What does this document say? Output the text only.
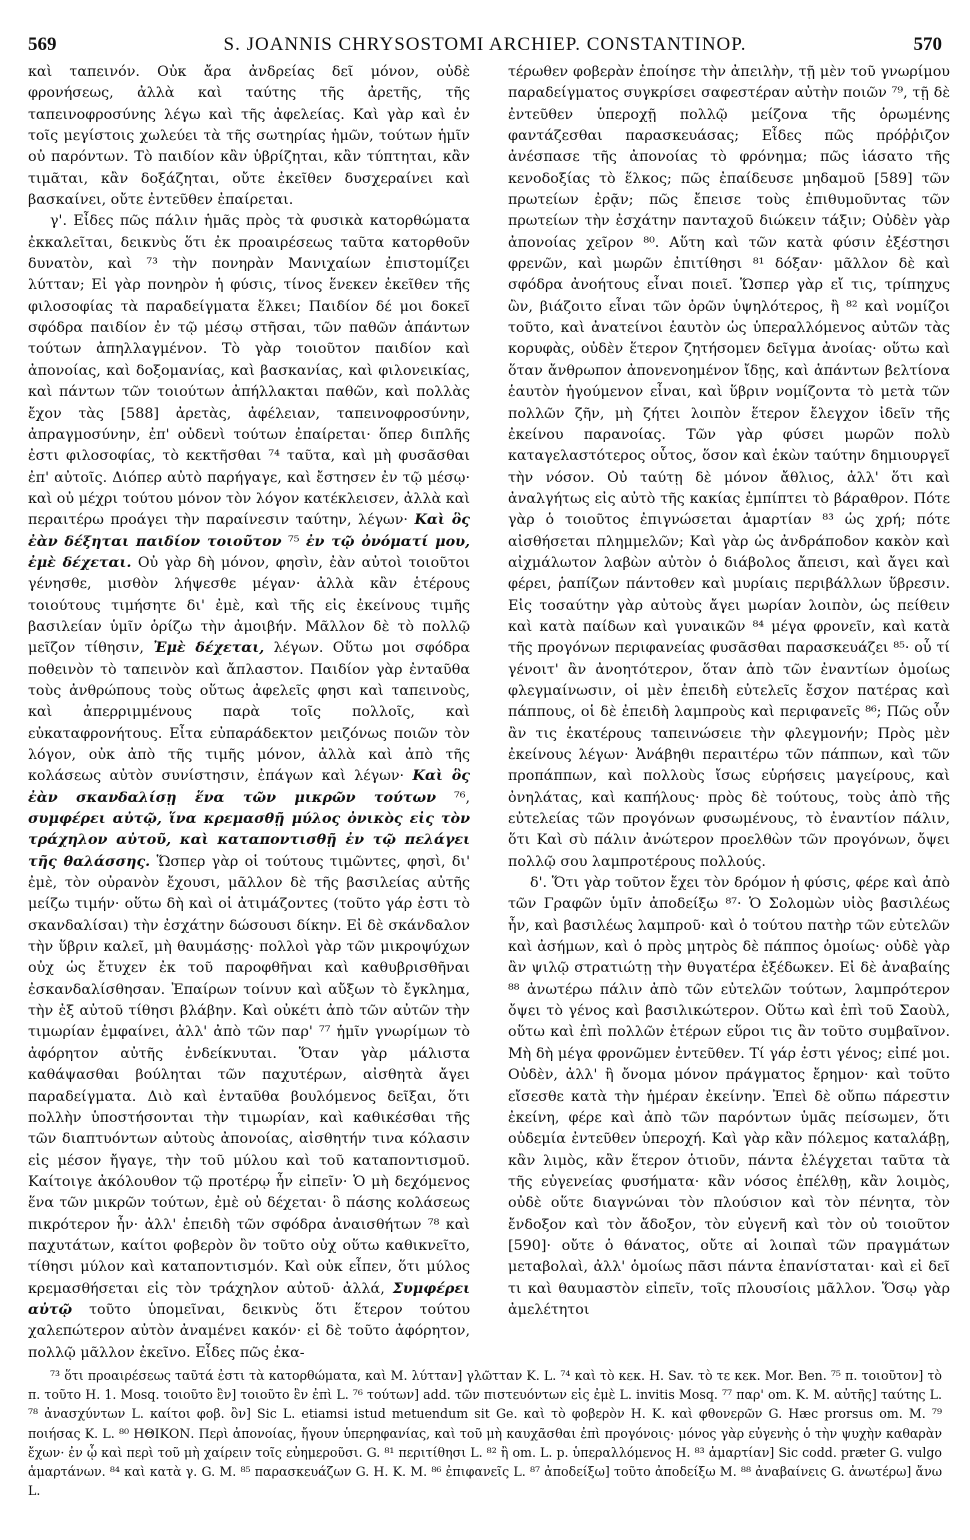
569	S. JOANNIS CHRYSOSTOMI ARCHIEP. CONSTANTINOP.	570

καὶ ταπεινόν. Οὐκ ἄρα ἀνδρείας δεῖ μόνον, οὐδὲ φρονήσεως, ἀλλὰ καὶ ταύτης τῆς ἀρετῆς, τῆς ταπεινοφροσύνης λέγω καὶ τῆς ἀφελείας. Καὶ γὰρ καὶ ἐν τοῖς μεγίστοις χωλεύει τὰ τῆς σωτηρίας ἡμῶν, τούτων ἡμῖν οὐ παρόντων. Τὸ παιδίον κἂν ὑβρίζηται, κἂν τύπτηται, κἂν τιμᾶται, κἂν δοξάζηται, οὔτε ἐκεῖθεν δυσχεραίνει καὶ βασκαίνει, οὔτε ἐντεῦθεν ἐπαίρεται.

γ'. Εἶδες πῶς πάλιν ἡμᾶς πρὸς τὰ φυσικὰ κατορθώματα ἐκκαλεῖται, δεικνὺς ὅτι ἐκ προαιρέσεως ταῦτα κατορθοῦν δυνατὸν, καὶ ⁷³ τὴν πονηρὰν Μανιχαίων ἐπιστομίζει λύτταν; Εἰ γὰρ πονηρὸν ἡ φύσις, τίνος ἕνεκεν ἐκεῖθεν τῆς φιλοσοφίας τὰ παραδείγματα ἕλκει; Παιδίον δέ μοι δοκεῖ σφόδρα παιδίον ἐν τῷ μέσῳ στῆσαι, τῶν παθῶν ἁπάντων τούτων ἀπηλλαγμένον. Τὸ γὰρ τοιοῦτον παιδίον καὶ ἀπονοίας, καὶ δοξομανίας, καὶ βασκανίας, καὶ φιλονεικίας, καὶ πάντων τῶν τοιούτων ἀπήλλακται παθῶν, καὶ πολλὰς ἔχον τὰς [588] ἀρετὰς, ἀφέλειαν, ταπεινοφροσύνην, ἀπραγμοσύνην, ἐπ' οὐδενὶ τούτων ἐπαίρεται· ὅπερ διπλῆς ἐστι φιλοσοφίας, τὸ κεκτῆσθαι ⁷⁴ ταῦτα, καὶ μὴ φυσᾶσθαι ἐπ' αὐτοῖς. Διόπερ αὐτὸ παρήγαγε, καὶ ἔστησεν ἐν τῷ μέσῳ· καὶ οὐ μέχρι τούτου μόνον τὸν λόγον κατέκλεισεν, ἀλλὰ καὶ περαιτέρω προάγει τὴν παραίνεσιν ταύτην, λέγων· Καὶ ὃς ἐὰν δέξηται παιδίον τοιοῦτον ⁷⁵ ἐν τῷ ὀνόματί μου, ἐμὲ δέχεται. Οὐ γὰρ δὴ μόνον, φησὶν, ἐὰν αὐτοὶ τοιοῦτοι γένησθε, μισθὸν λήψεσθε μέγαν· ἀλλὰ κἂν ἑτέρους τοιούτους τιμήσητε δι' ἐμὲ, καὶ τῆς εἰς ἐκείνους τιμῆς βασιλείαν ὑμῖν ὁρίζω τὴν ἀμοιβήν. Μᾶλλον δὲ τὸ πολλῷ μεῖζον τίθησιν, Ἐμὲ δέχεται, λέγων. Οὕτω μοι σφόδρα ποθεινὸν τὸ ταπεινὸν καὶ ἄπλαστον. Παιδίον γὰρ ἐνταῦθα τοὺς ἀνθρώπους τοὺς οὕτως ἀφελεῖς φησι καὶ ταπεινοὺς, καὶ ἀπερριμμένους παρὰ τοῖς πολλοῖς, καὶ εὐκαταφρονήτους. Εἶτα εὐπαράδεκτον μειζόνως ποιῶν τὸν λόγον, οὐκ ἀπὸ τῆς τιμῆς μόνον, ἀλλὰ καὶ ἀπὸ τῆς κολάσεως αὐτὸν συνίστησιν, ἐπάγων καὶ λέγων· Καὶ ὃς ἐὰν σκανδαλίσῃ ἕνα τῶν μικρῶν τούτων ⁷⁶, συμφέρει αὐτῷ, ἵνα κρεμασθῇ μύλος ὀνικὸς εἰς τὸν τράχηλον αὐτοῦ, καὶ καταποντισθῇ ἐν τῷ πελάγει τῆς θαλάσσης. Ὥσπερ γὰρ οἱ τούτους τιμῶντες, φησὶ, δι' ἐμὲ, τὸν οὐρανὸν ἔχουσι, μᾶλλον δὲ τῆς βασιλείας αὐτῆς μείζω τιμήν· οὕτω δὴ καὶ οἱ ἀτιμάζοντες (τοῦτο γάρ ἐστι τὸ σκανδαλίσαι) τὴν ἐσχάτην δώσουσι δίκην. Εἰ δὲ σκάνδαλον τὴν ὕβριν καλεῖ, μὴ θαυμάσῃς· πολλοὶ γὰρ τῶν μικροψύχων οὐχ ὡς ἔτυχεν ἐκ τοῦ παροφθῆναι καὶ καθυβρισθῆναι ἐσκανδαλίσθησαν. Ἐπαίρων τοίνυν καὶ αὔξων τὸ ἔγκλημα, τὴν ἐξ αὐτοῦ τίθησι βλάβην. Καὶ οὐκέτι ἀπὸ τῶν αὐτῶν τὴν τιμωρίαν ἐμφαίνει, ἀλλ' ἀπὸ τῶν παρ' ⁷⁷ ἡμῖν γνωρίμων τὸ ἀφόρητον αὐτῆς ἐνδείκνυται. Ὅταν γὰρ μάλιστα καθάψασθαι βούληται τῶν παχυτέρων, αἰσθητὰ ἄγει παραδείγματα. Διὸ καὶ ἐνταῦθα βουλόμενος δεῖξαι, ὅτι πολλὴν ὑποστήσονται τὴν τιμωρίαν, καὶ καθικέσθαι τῆς τῶν διαπτυόντων αὐτοὺς ἀπονοίας, αἰσθητήν τινα κόλασιν εἰς μέσον ἤγαγε, τὴν τοῦ μύλου καὶ τοῦ καταποντισμοῦ. Καίτοιγε ἀκόλουθον τῷ προτέρῳ ἦν εἰπεῖν· Ὁ μὴ δεχόμενος ἕνα τῶν μικρῶν τούτων, ἐμὲ οὐ δέχεται· ὃ πάσης κολάσεως πικρότερον ἦν· ἀλλ' ἐπειδὴ τῶν σφόδρα ἀναισθήτων ⁷⁸ καὶ παχυτάτων, καίτοι φοβερὸν ὂν τοῦτο οὐχ οὕτω καθικνεῖτο, τίθησι μύλον καὶ καταποντισμόν. Καὶ οὐκ εἶπεν, ὅτι μύλος κρεμασθήσεται εἰς τὸν τράχηλον αὐτοῦ· ἀλλά, Συμφέρει αὐτῷ τοῦτο ὑπομεῖναι, δεικνὺς ὅτι ἕτερον τούτου χαλεπώτερον αὐτὸν ἀναμένει κακόν· εἰ δὲ τοῦτο ἀφόρητον, πολλῷ μᾶλλον ἐκεῖνο. Εἶδες πῶς ἐκα-

τέρωθεν φοβερὰν ἐποίησε τὴν ἀπειλὴν, τῇ μὲν τοῦ γνωρίμου παραδείγματος συγκρίσει σαφεστέραν αὐτὴν ποιῶν ⁷⁹, τῇ δὲ ἐντεῦθεν ὑπεροχῇ πολλῷ μείζονα τῆς ὁρωμένης φαντάζεσθαι παρασκευάσας; Εἶδες πῶς πρόῤῥιζον ἀνέσπασε τῆς ἀπονοίας τὸ φρόνημα; πῶς ἰάσατο τῆς κενοδοξίας τὸ ἕλκος; πῶς ἐπαίδευσε μηδαμοῦ [589] τῶν πρωτείων ἐρᾷν; πῶς ἔπεισε τοὺς ἐπιθυμοῦντας τῶν πρωτείων τὴν ἐσχάτην πανταχοῦ διώκειν τάξιν; Οὐδὲν γὰρ ἀπονοίας χεῖρον ⁸⁰. Αὕτη καὶ τῶν κατὰ φύσιν ἐξέστησι φρενῶν, καὶ μωρῶν ἐπιτίθησι ⁸¹ δόξαν· μᾶλλον δὲ καὶ σφόδρα ἀνοήτους εἶναι ποιεῖ. Ὥσπερ γὰρ εἴ τις, τρίπηχυς ὢν, βιάζοιτο εἶναι τῶν ὀρῶν ὑψηλότερος, ἢ ⁸² καὶ νομίζοι τοῦτο, καὶ ἀνατείνοι ἑαυτὸν ὡς ὑπεραλλόμενος αὐτῶν τὰς κορυφὰς, οὐδὲν ἕτερον ζητήσομεν δεῖγμα ἀνοίας· οὕτω καὶ ὅταν ἄνθρωπον ἀπονενοημένον ἴδῃς, καὶ ἁπάντων βελτίονα ἑαυτὸν ἡγούμενον εἶναι, καὶ ὕβριν νομίζοντα τὸ μετὰ τῶν πολλῶν ζῆν, μὴ ζήτει λοιπὸν ἕτερον ἔλεγχον ἰδεῖν τῆς ἐκείνου παρανοίας. Τῶν γὰρ φύσει μωρῶν πολὺ καταγελαστότερος οὗτος, ὅσον καὶ ἑκὼν ταύτην δημιουργεῖ τὴν νόσον. Οὐ ταύτῃ δὲ μόνον ἄθλιος, ἀλλ' ὅτι καὶ ἀναλγήτως εἰς αὐτὸ τῆς κακίας ἐμπίπτει τὸ βάραθρον. Πότε γὰρ ὁ τοιοῦτος ἐπιγνώσεται ἁμαρτίαν ⁸³ ὡς χρή; πότε αἰσθήσεται πλημμελῶν; Καὶ γὰρ ὡς ἀνδράποδον κακὸν καὶ αἰχμάλωτον λαβὼν αὐτὸν ὁ διάβολος ἄπεισι, καὶ ἄγει καὶ φέρει, ῥαπίζων πάντοθεν καὶ μυρίαις περιβάλλων ὕβρεσιν. Εἰς τοσαύτην γὰρ αὐτοὺς ἄγει μωρίαν λοιπὸν, ὡς πείθειν καὶ κατὰ παίδων καὶ γυναικῶν ⁸⁴ μέγα φρονεῖν, καὶ κατὰ τῆς προγόνων περιφανείας φυσᾶσθαι παρασκευάζει ⁸⁵· οὗ τί γένοιτ' ἂν ἀνοητότερον, ὅταν ἀπὸ τῶν ἐναντίων ὁμοίως φλεγμαίνωσιν, οἱ μὲν ἐπειδὴ εὐτελεῖς ἔσχον πατέρας καὶ πάππους, οἱ δὲ ἐπειδὴ λαμπροὺς καὶ περιφανεῖς ⁸⁶; Πῶς οὖν ἂν τις ἑκατέρους ταπεινώσειε τὴν φλεγμονήν; Πρὸς μὲν ἐκείνους λέγων· Ἀνάβηθι περαιτέρω τῶν πάππων, καὶ τῶν προπάππων, καὶ πολλοὺς ἴσως εὑρήσεις μαγείρους, καὶ ὀνηλάτας, καὶ καπήλους· πρὸς δὲ τούτους, τοὺς ἀπὸ τῆς εὐτελείας τῶν προγόνων φυσωμένους, τὸ ἐναντίον πάλιν, ὅτι Καὶ σὺ πάλιν ἀνώτερον προελθὼν τῶν προγόνων, ὄψει πολλῷ σου λαμπροτέρους πολλούς.

δ'. Ὅτι γὰρ τοῦτον ἔχει τὸν δρόμον ἡ φύσις, φέρε καὶ ἀπὸ τῶν Γραφῶν ὑμῖν ἀποδείξω ⁸⁷· Ὁ Σολομὼν υἱὸς βασιλέως ἦν, καὶ βασιλέως λαμπροῦ· καὶ ὁ τούτου πατὴρ τῶν εὐτελῶν καὶ ἀσήμων, καὶ ὁ πρὸς μητρὸς δὲ πάππος ὁμοίως· οὐδὲ γὰρ ἂν ψιλῷ στρατιώτῃ τὴν θυγατέρα ἐξέδωκεν. Εἰ δὲ ἀναβαίης ⁸⁸ ἀνωτέρω πάλιν ἀπὸ τῶν εὐτελῶν τούτων, λαμπρότερον ὄψει τὸ γένος καὶ βασιλικώτερον. Οὕτω καὶ ἐπὶ τοῦ Σαοὺλ, οὕτω καὶ ἐπὶ πολλῶν ἑτέρων εὕροι τις ἂν τοῦτο συμβαῖνον. Μὴ δὴ μέγα φρονῶμεν ἐντεῦθεν. Τί γάρ ἐστι γένος; εἰπέ μοι. Οὐδὲν, ἀλλ' ἢ ὄνομα μόνον πράγματος ἔρημον· καὶ τοῦτο εἴσεσθε κατὰ τὴν ἡμέραν ἐκείνην. Ἐπεὶ δὲ οὔπω πάρεστιν ἐκείνη, φέρε καὶ ἀπὸ τῶν παρόντων ὑμᾶς πείσωμεν, ὅτι οὐδεμία ἐντεῦθεν ὑπεροχή. Καὶ γὰρ κἂν πόλεμος καταλάβῃ, κἂν λιμὸς, κἂν ἕτερον ὁτιοῦν, πάντα ἐλέγχεται ταῦτα τὰ τῆς εὐγενείας φυσήματα· κἂν νόσος ἐπέλθῃ, κἂν λοιμὸς, οὐδὲ οὕτε διαγνώναι τὸν πλούσιον καὶ τὸν πένητα, τὸν ἔνδοξον καὶ τὸν ἄδοξον, τὸν εὐγενῆ καὶ τὸν οὐ τοιοῦτον [590]· οὔτε ὁ θάνατος, οὔτε αἱ λοιπαὶ τῶν πραγμάτων μεταβολαὶ, ἀλλ' ὁμοίως πᾶσι πάντα ἐπανίσταται· καὶ εἰ δεῖ τι καὶ θαυμαστὸν εἰπεῖν, τοῖς πλουσίοις μᾶλλον. Ὅσῳ γὰρ ἀμελέτητοι

⁷³ ὅτι προαιρέσεως ταῦτά ἐστι τὰ κατορθώματα, καὶ M. λύτταν] γλῶτταν K. L. ⁷⁴ καὶ τὸ κεκ. H. Sav. τὸ τε κεκ. Mor. Ben. ⁷⁵ π. τοιοῦτον] τὸ π. τοῦτο H. 1. Mosq. τοιοῦτο ἓν] τοιοῦτο ἓν ἐπὶ L. ⁷⁶ τούτων] add. τῶν πιστευόντων εἰς ἐμὲ L. invitis Mosq. ⁷⁷ παρ' om. K. M. αὐτῆς] ταύτης L. ⁷⁸ ἀνασχύντων L. καίτοι φοβ. ὂν] Sic L. etiamsi istud metuendum sit Ge. καὶ τὸ φοβερὸν H. K. καὶ φθονερῶν G. Hæc prorsus om. M. ⁷⁹ ποιήσας K. L. ⁸⁰ ΗΘΙΚΟΝ. Περὶ ἀπονοίας, ἤγουν ὑπερηφανίας, καὶ τοῦ μὴ καυχᾶσθαι ἐπὶ προγόνοις· μόνος γὰρ εὐγενὴς ὁ τὴν ψυχὴν καθαρὰν ἔχων· ἐν ᾧ καὶ περὶ τοῦ μὴ χαίρειν τοῖς εὐημεροῦσι. G. ⁸¹ περιτίθησι L. ⁸² ἢ om. L. p. ὑπεραλλόμενος H. ⁸³ ἁμαρτίαν] Sic codd. præter G. vulgo ἁμαρτάνων. ⁸⁴ καὶ κατὰ γ. G. M. ⁸⁵ παρασκευάζων G. H. K. M. ⁸⁶ ἐπιφανεῖς L. ⁸⁷ ἀποδείξω] τοῦτο ἀποδείξω M. ⁸⁸ ἀναβαίνεις G. ἀνωτέρω] ἄνω L.
